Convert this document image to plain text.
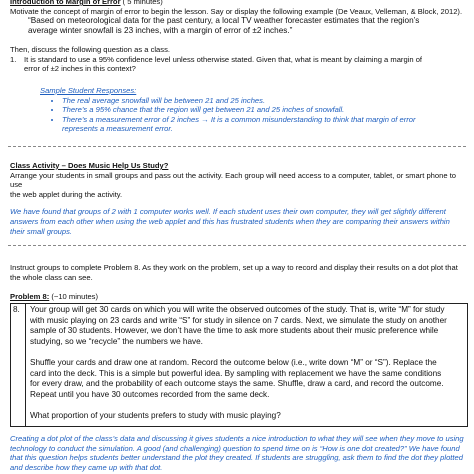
Introduction to Margin of Error ( 5 minutes)
Motivate the concept of margin of error to begin the lesson. Say or display the following example (De Veaux, Velleman, & Block, 2012).
“Based on meteorological data for the past century, a local TV weather forecaster estimates that the region’s
average winter snowfall is 23 inches, with a margin of error of ±2 inches.”
Then, discuss the following question as a class.
1.	It is standard to use a 95% confidence level unless otherwise stated. Given that, what is meant by claiming a margin of
error of ±2 inches in this context?
Sample Student Responses:
• The real average snowfall will be between 21 and 25 inches.
• There’s a 95% chance that the region will get between 21 and 25 inches of snowfall.
• There’s a measurement error of 2 inches → It is a common misunderstanding to think that margin of error
represents a measurement error.
Class Activity – Does Music Help Us Study?
Arrange your students in small groups and pass out the activity. Each group will need access to a computer, tablet, or smart phone to use
the web applet during the activity.
We have found that groups of 2 with 1 computer works well. If each student uses their own computer, they will get slightly different
answers from each other when using the web applet and this has frustrated students when they are comparing their answers within
their small groups.
Instruct groups to complete Problem 8. As they work on the problem, set up a way to record and display their results on a dot plot that
the whole class can see.
Problem 8: (~10 minutes)
8. Your group will get 30 cards on which you will write the observed outcomes of the study. That is, write “M” for study
with music playing on 23 cards and write “S” for study in silence on 7 cards. Next, we simulate the study on another
sample of 30 students. However, we don’t have the time to ask more students about their music preference while
studying, so we “recycle” the numbers we have.

Shuffle your cards and draw one at random. Record the outcome below (i.e., write down “M” or “S”). Replace the
card into the deck. This is a simple but powerful idea. By sampling with replacement we have the same conditions
for every draw, and the probability of each outcome stays the same. Shuffle, draw a card, and record the outcome.
Repeat until you have 30 outcomes recorded from the same deck.

What proportion of your students prefers to study with music playing?

Creating a dot plot of the class’s data and discussing it gives students a nice introduction to what they will see when they move to using
technology to conduct the simulation. A good (and challenging) question to spend time on is “How is one dot created?” We have found
that this question helps students better understand the plot they created. If students are struggling, ask them to find the dot they plotted
and describe how they came up with that dot.
